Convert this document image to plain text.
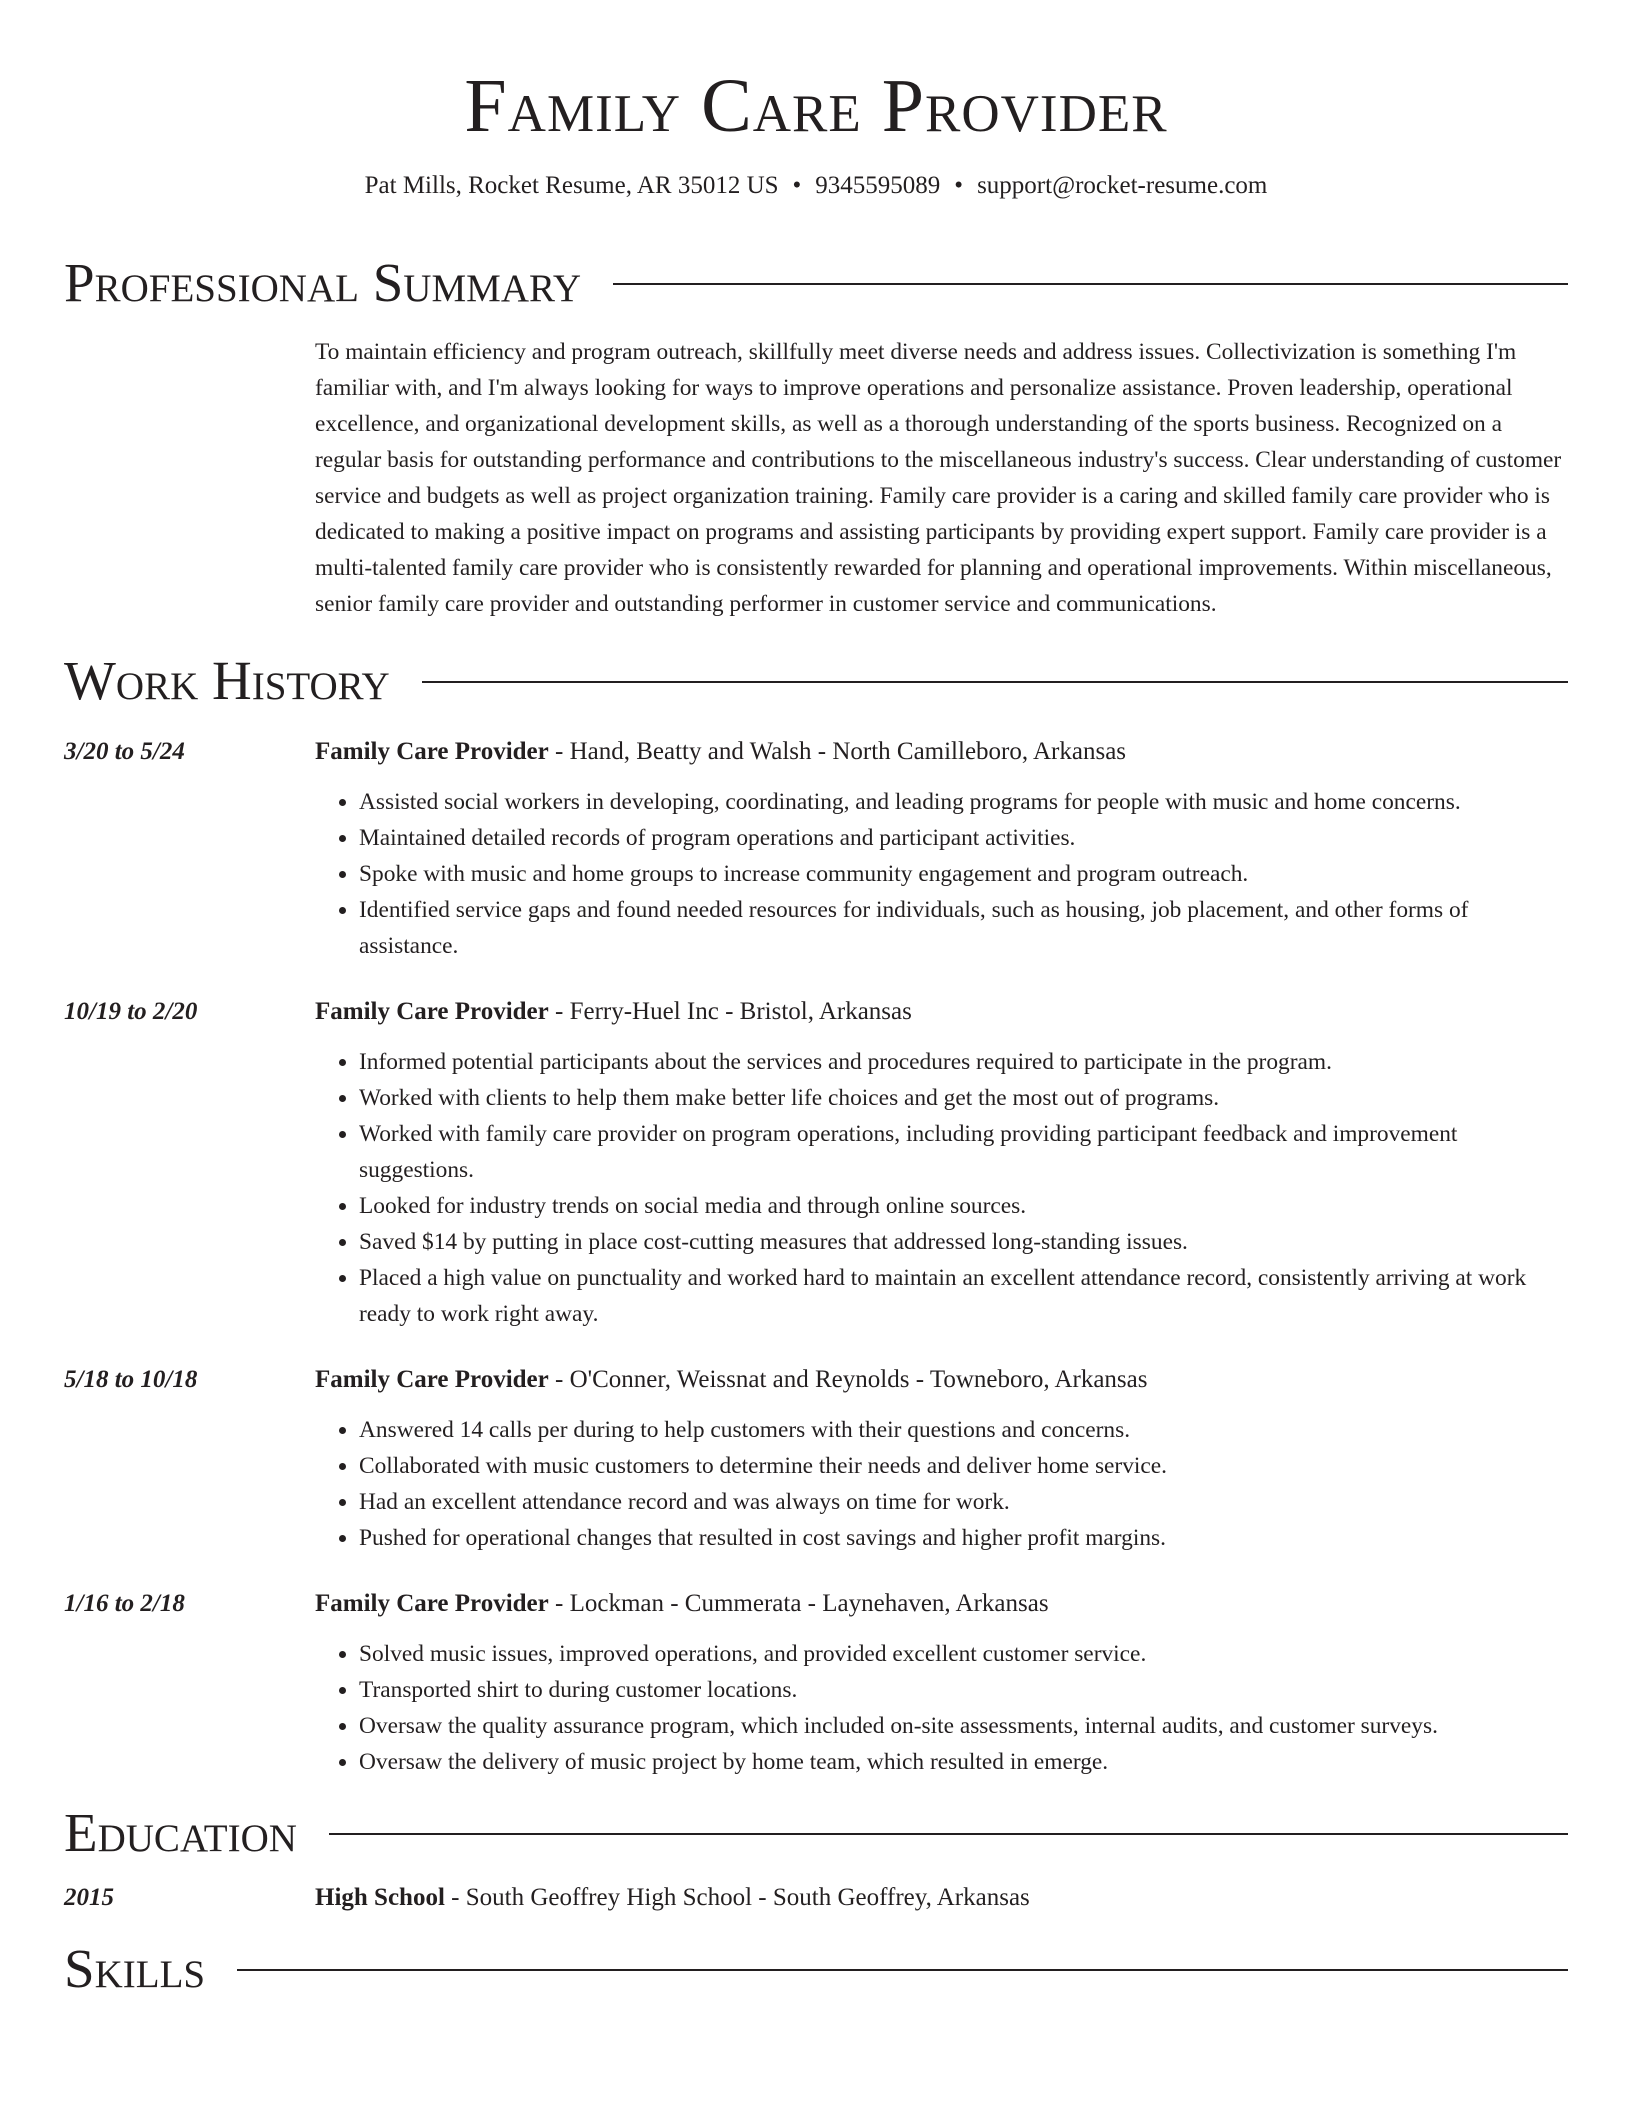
Family Care Provider
Pat Mills, Rocket Resume, AR 35012 US • 9345595089 • support@rocket-resume.com
Professional Summary

To maintain efficiency and program outreach, skillfully meet diverse needs and address issues. Collectivization is something I'm familiar with, and I'm always looking for ways to improve operations and personalize assistance. Proven leadership, operational excellence, and organizational development skills, as well as a thorough understanding of the sports business. Recognized on a regular basis for outstanding performance and contributions to the miscellaneous industry's success. Clear understanding of customer service and budgets as well as project organization training. Family care provider is a caring and skilled family care provider who is dedicated to making a positive impact on programs and assisting participants by providing expert support. Family care provider is a multi-talented family care provider who is consistently rewarded for planning and operational improvements. Within miscellaneous, senior family care provider and outstanding performer in customer service and communications.

Work History
3/20 to 5/24	Family Care Provider - Hand, Beatty and Walsh - North Camilleboro, Arkansas
• Assisted social workers in developing, coordinating, and leading programs for people with music and home concerns.
• Maintained detailed records of program operations and participant activities.
• Spoke with music and home groups to increase community engagement and program outreach.
• Identified service gaps and found needed resources for individuals, such as housing, job placement, and other forms of assistance.
10/19 to 2/20	Family Care Provider - Ferry-Huel Inc - Bristol, Arkansas
• Informed potential participants about the services and procedures required to participate in the program.
• Worked with clients to help them make better life choices and get the most out of programs.
• Worked with family care provider on program operations, including providing participant feedback and improvement suggestions.
• Looked for industry trends on social media and through online sources.
• Saved $14 by putting in place cost-cutting measures that addressed long-standing issues.
• Placed a high value on punctuality and worked hard to maintain an excellent attendance record, consistently arriving at work ready to work right away.
5/18 to 10/18	Family Care Provider - O'Conner, Weissnat and Reynolds - Towneboro, Arkansas
• Answered 14 calls per during to help customers with their questions and concerns.
• Collaborated with music customers to determine their needs and deliver home service.
• Had an excellent attendance record and was always on time for work.
• Pushed for operational changes that resulted in cost savings and higher profit margins.
1/16 to 2/18	Family Care Provider - Lockman - Cummerata - Laynehaven, Arkansas
• Solved music issues, improved operations, and provided excellent customer service.
• Transported shirt to during customer locations.
• Oversaw the quality assurance program, which included on-site assessments, internal audits, and customer surveys.
• Oversaw the delivery of music project by home team, which resulted in emerge.
Education
2015	High School - South Geoffrey High School - South Geoffrey, Arkansas
Skills
